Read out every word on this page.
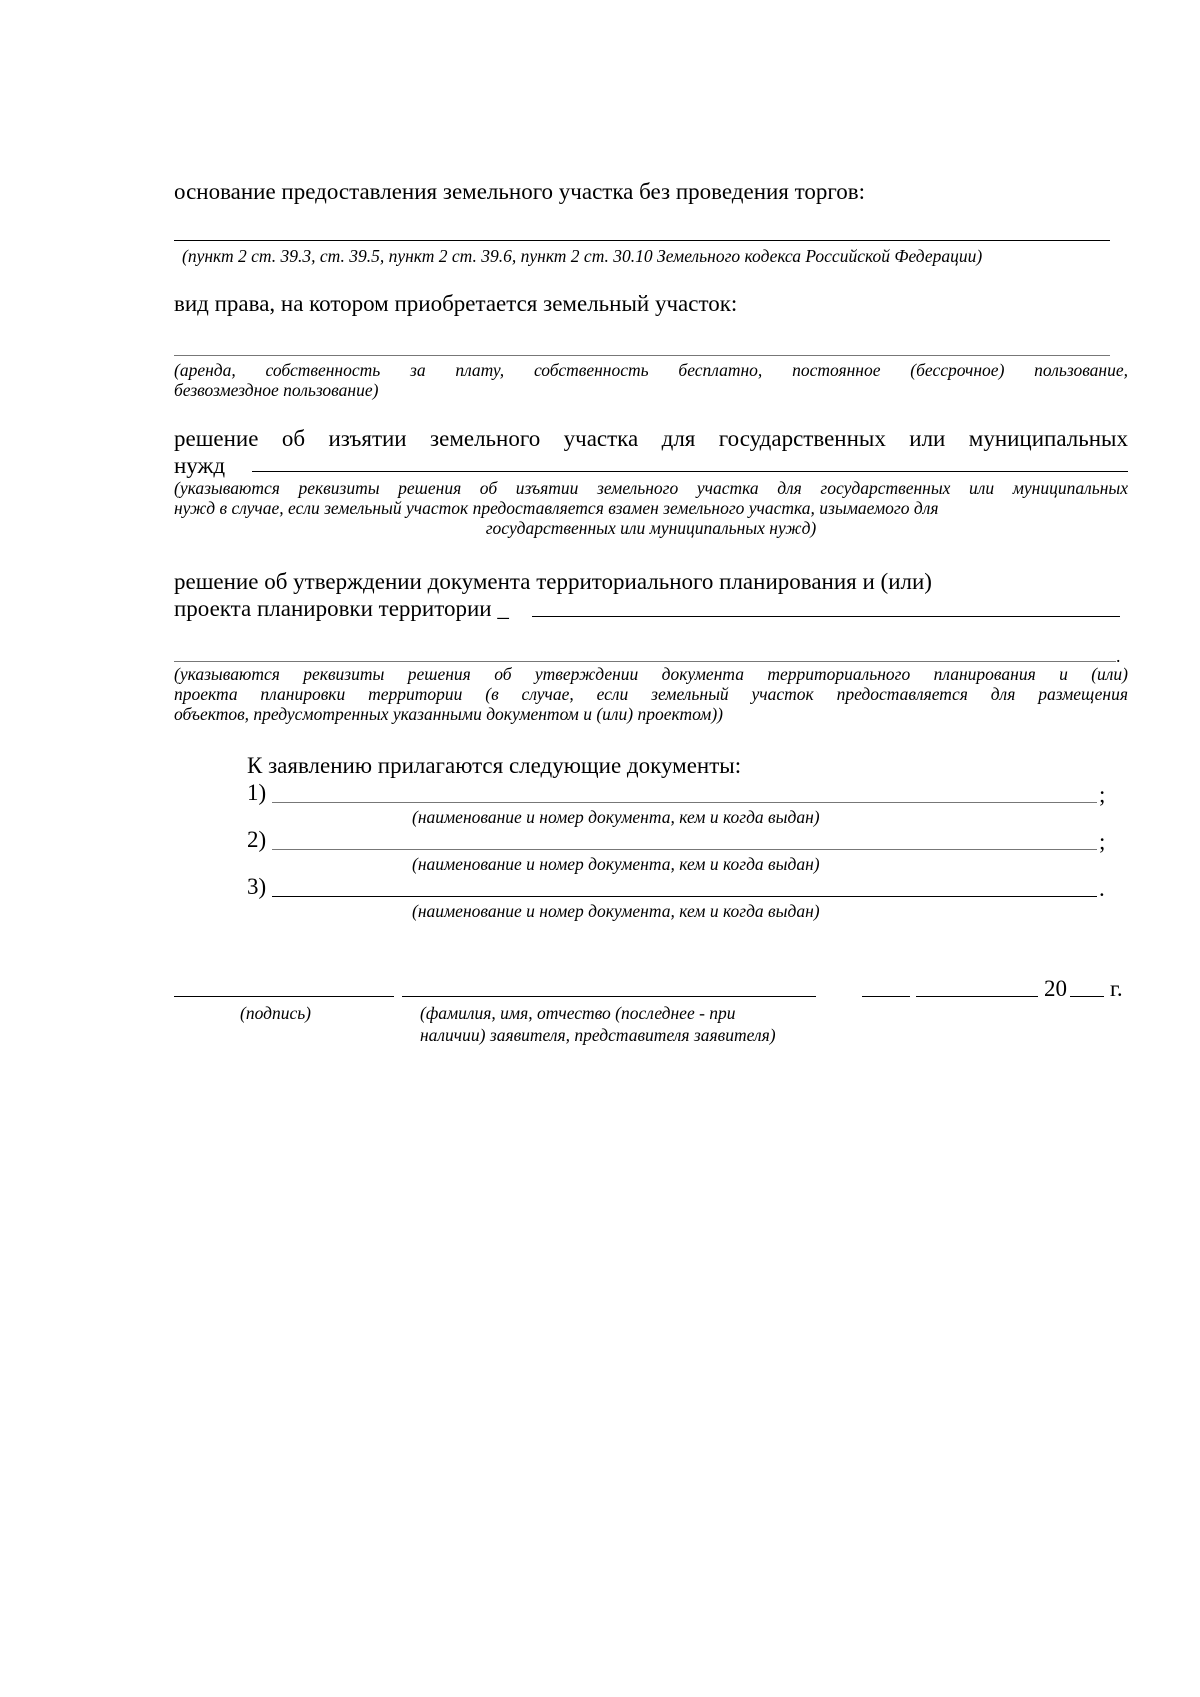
основание предоставления земельного участка без проведения торгов:
(пункт 2 ст. 39.3, ст. 39.5, пункт 2 ст. 39.6, пункт 2 ст. 30.10 Земельного кодекса Российской Федерации)
вид права, на котором приобретается земельный участок:
(аренда, собственность за плату, собственность бесплатно, постоянное (бессрочное) пользование,
безвозмездное пользование)
решение об изъятии земельного участка для государственных или муниципальных
нужд
(указываются реквизиты решения об изъятии земельного участка для государственных или муниципальных
нужд в случае, если земельный участок предоставляется взамен земельного участка, изымаемого для
государственных или муниципальных нужд)
решение об утверждении документа территориального планирования и (или)
проекта планировки территории _
.
(указываются реквизиты решения об утверждении документа территориального планирования и (или)
проекта планировки территории (в случае, если земельный участок предоставляется для размещения
объектов, предусмотренных указанными документом и (или) проектом))
К заявлению прилагаются следующие документы:
1)	;
(наименование и номер документа, кем и когда выдан)
2)	;
(наименование и номер документа, кем и когда выдан)
3)	.
(наименование и номер документа, кем и когда выдан)
20 г.
(подпись)	(фамилия, имя, отчество (последнее - при
наличии) заявителя, представителя заявителя)
